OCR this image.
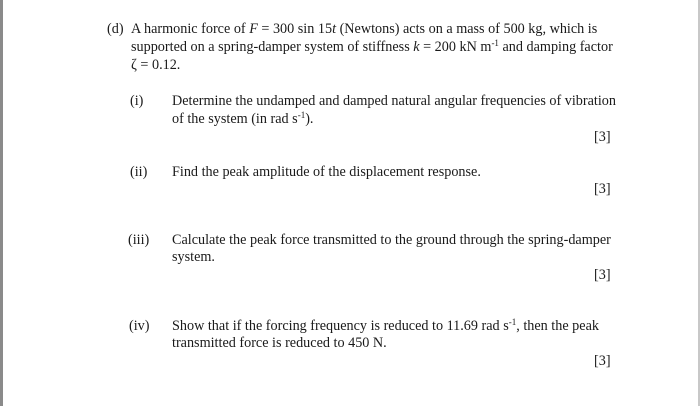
(d) A harmonic force of F = 300 sin 15t (Newtons) acts on a mass of 500 kg, which is
supported on a spring-damper system of stiffness k = 200 kN $m^{-1}$ and damping factor
ζ = 0.12.
(i) Determine the undamped and damped natural angular frequencies of vibration
of the system (in rad $s^{-1}$).
[3]
(ii) Find the peak amplitude of the displacement response.
[3]
(iii) Calculate the peak force transmitted to the ground through the spring-damper
system.
[3]
(iv) Show that if the forcing frequency is reduced to 11.69 rad $s^{-1}$, then the peak
transmitted force is reduced to 450 N.
[3]
